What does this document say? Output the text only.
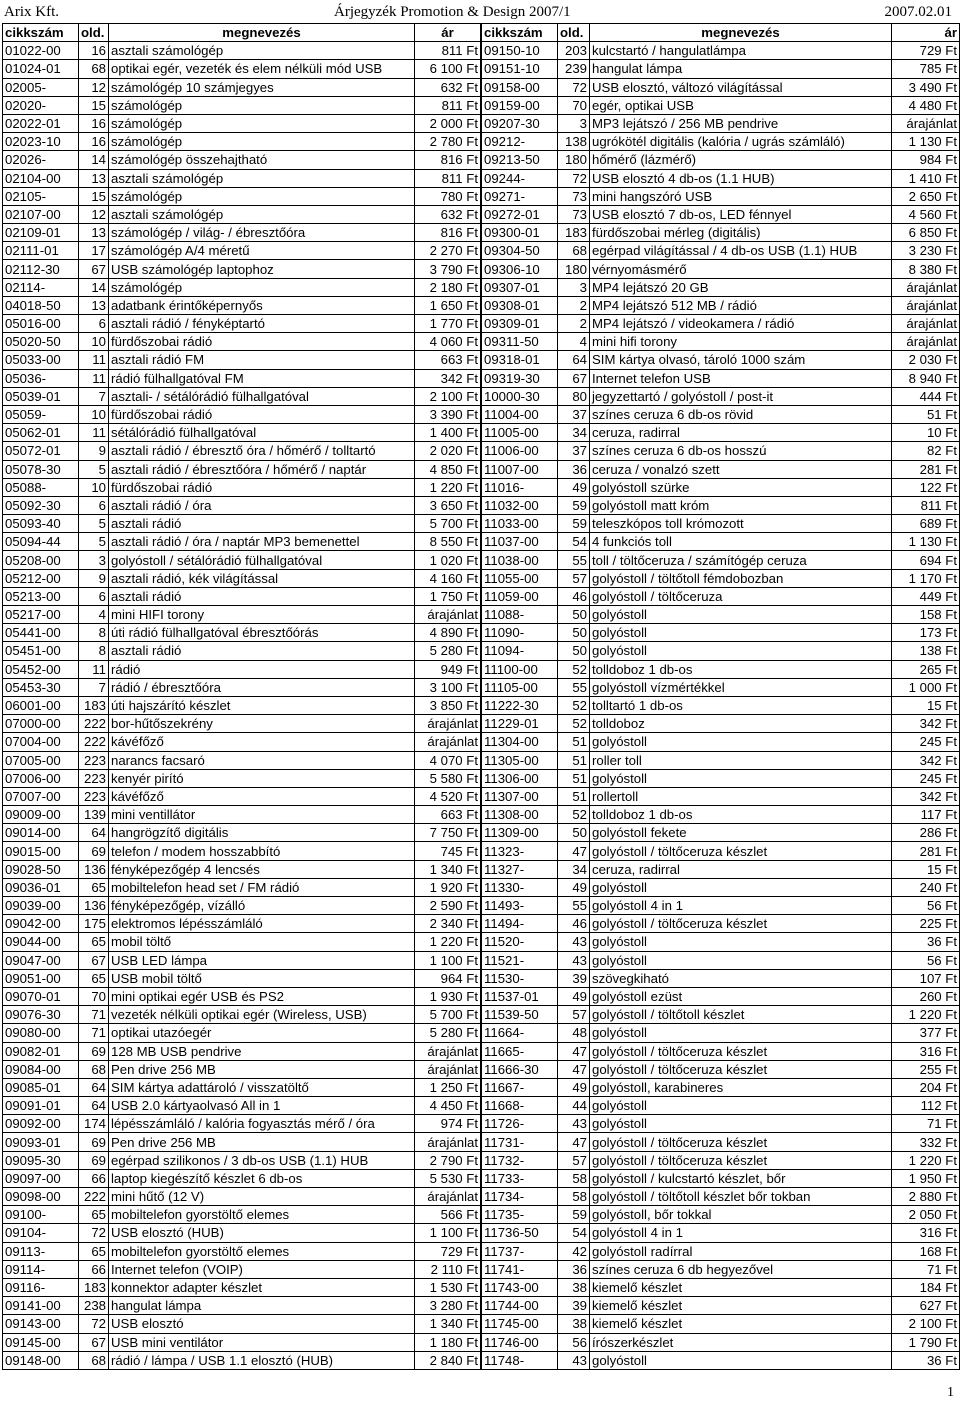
Arix Kft.	Árjegyzék Promotion & Design 2007/1	2007.02.01
cikkszám	old.	megnevezés	ár
01022-00	16	asztali számológép	811 Ft
01024-01	68	optikai egér, vezeték és elem nélküli mód USB	6 100 Ft
02005-	12	számológép 10 számjegyes	632 Ft
02020-	15	számológép	811 Ft
02022-01	16	számológép	2 000 Ft
02023-10	16	számológép	2 780 Ft
02026-	14	számológép összehajtható	816 Ft
02104-00	13	asztali számológép	811 Ft
02105-	15	számológép	780 Ft
02107-00	12	asztali számológép	632 Ft
02109-01	13	számológép / világ- / ébresztőóra	816 Ft
02111-01	17	számológép A/4 méretű	2 270 Ft
02112-30	67	USB számológép laptophoz	3 790 Ft
02114-	14	számológép	2 180 Ft
04018-50	13	adatbank érintőképernyős	1 650 Ft
05016-00	6	asztali rádió / fényképtartó	1 770 Ft
05020-50	10	fürdőszobai rádió	4 060 Ft
05033-00	11	asztali rádió FM	663 Ft
05036-	11	rádió fülhallgatóval FM	342 Ft
05039-01	7	asztali- / sétálórádió fülhallgatóval	2 100 Ft
05059-	10	fürdőszobai rádió	3 390 Ft
05062-01	11	sétálórádió fülhallgatóval	1 400 Ft
05072-01	9	asztali rádió / ébresztő óra / hőmérő / tolltartó	2 020 Ft
05078-30	5	asztali rádió / ébresztőóra / hőmérő / naptár	4 850 Ft
05088-	10	fürdőszobai rádió	1 220 Ft
05092-30	6	asztali rádió / óra	3 650 Ft
05093-40	5	asztali rádió	5 700 Ft
05094-44	5	asztali rádió / óra / naptár MP3 bemenettel	8 550 Ft
05208-00	3	golyóstoll / sétálórádió fülhallgatóval	1 020 Ft
05212-00	9	asztali rádió, kék világítással	4 160 Ft
05213-00	6	asztali rádió	1 750 Ft
05217-00	4	mini HIFI torony	árajánlat
05441-00	8	úti rádió fülhallgatóval ébresztőórás	4 890 Ft
05451-00	8	asztali rádió	5 280 Ft
05452-00	11	rádió	949 Ft
05453-30	7	rádió / ébresztőóra	3 100 Ft
06001-00	183	úti hajszárító készlet	3 850 Ft
07000-00	222	bor-hűtőszekrény	árajánlat
07004-00	222	kávéfőző	árajánlat
07005-00	223	narancs facsaró	4 070 Ft
07006-00	223	kenyér pirító	5 580 Ft
07007-00	223	kávéfőző	4 520 Ft
09009-00	139	mini ventillátor	663 Ft
09014-00	64	hangrögzítő digitális	7 750 Ft
09015-00	69	telefon / modem hosszabbító	745 Ft
09028-50	136	fényképezőgép 4 lencsés	1 340 Ft
09036-01	65	mobiltelefon head set / FM rádió	1 920 Ft
09039-00	136	fényképezőgép, vízálló	2 590 Ft
09042-00	175	elektromos lépésszámláló	2 340 Ft
09044-00	65	mobil töltő	1 220 Ft
09047-00	67	USB LED lámpa	1 100 Ft
09051-00	65	USB mobil töltő	964 Ft
09070-01	70	mini optikai egér USB és PS2	1 930 Ft
09076-30	71	vezeték nélküli optikai egér (Wireless, USB)	5 700 Ft
09080-00	71	optikai utazóegér	5 280 Ft
09082-01	69	128 MB USB pendrive	árajánlat
09084-00	68	Pen drive 256 MB	árajánlat
09085-01	64	SIM kártya adattároló / visszatöltő	1 250 Ft
09091-01	64	USB 2.0 kártyaolvasó All in 1	4 450 Ft
09092-00	174	lépésszámláló / kalória fogyasztás mérő / óra	974 Ft
09093-01	69	Pen drive 256 MB	árajánlat
09095-30	69	egérpad szilikonos / 3 db-os USB (1.1) HUB	2 790 Ft
09097-00	66	laptop kiegészítő készlet 6 db-os	5 530 Ft
09098-00	222	mini hűtő (12 V)	árajánlat
09100-	65	mobiltelefon gyorstöltő elemes	566 Ft
09104-	72	USB elosztó (HUB)	1 100 Ft
09113-	65	mobiltelefon gyorstöltő elemes	729 Ft
09114-	66	Internet telefon (VOIP)	2 110 Ft
09116-	183	konnektor adapter készlet	1 530 Ft
09141-00	238	hangulat lámpa	3 280 Ft
09143-00	72	USB elosztó	1 340 Ft
09145-00	67	USB mini ventilátor	1 180 Ft
09148-00	68	rádió / lámpa / USB 1.1 elosztó (HUB)	2 840 Ft
cikkszám	old.	megnevezés	ár
09150-10	203	kulcstartó / hangulatlámpa	729 Ft
09151-10	239	hangulat lámpa	785 Ft
09158-00	72	USB elosztó, változó világítással	3 490 Ft
09159-00	70	egér, optikai USB	4 480 Ft
09207-30	3	MP3 lejátszó / 256 MB pendrive	árajánlat
09212-	138	ugrókötél digitális (kalória / ugrás számláló)	1 130 Ft
09213-50	180	hőmérő (lázmérő)	984 Ft
09244-	72	USB elosztó 4 db-os (1.1 HUB)	1 410 Ft
09271-	73	mini hangszóró USB	2 650 Ft
09272-01	73	USB elosztó 7 db-os, LED fénnyel	4 560 Ft
09300-01	183	fürdőszobai mérleg (digitális)	6 850 Ft
09304-50	68	egérpad világítással / 4 db-os USB (1.1) HUB	3 230 Ft
09306-10	180	vérnyomásmérő	8 380 Ft
09307-01	3	MP4 lejátszó 20 GB	árajánlat
09308-01	2	MP4 lejátszó 512 MB / rádió	árajánlat
09309-01	2	MP4 lejátszó / videokamera / rádió	árajánlat
09311-50	4	mini hifi torony	árajánlat
09318-01	64	SIM kártya olvasó, tároló 1000 szám	2 030 Ft
09319-30	67	Internet telefon USB	8 940 Ft
10000-30	80	jegyzettartó / golyóstoll / post-it	444 Ft
11004-00	37	színes ceruza 6 db-os rövid	51 Ft
11005-00	34	ceruza, radirral	10 Ft
11006-00	37	színes ceruza 6 db-os hosszú	82 Ft
11007-00	36	ceruza / vonalzó szett	281 Ft
11016-	49	golyóstoll szürke	122 Ft
11032-00	59	golyóstoll matt króm	811 Ft
11033-00	59	teleszkópos toll krómozott	689 Ft
11037-00	54	4 funkciós toll	1 130 Ft
11038-00	55	toll / töltőceruza / számítógép ceruza	694 Ft
11055-00	57	golyóstoll / töltőtoll fémdobozban	1 170 Ft
11059-00	46	golyóstoll / töltőceruza	449 Ft
11088-	50	golyóstoll	158 Ft
11090-	50	golyóstoll	173 Ft
11094-	50	golyóstoll	138 Ft
11100-00	52	tolldoboz 1 db-os	265 Ft
11105-00	55	golyóstoll vízmértékkel	1 000 Ft
11222-30	52	tolltartó 1 db-os	15 Ft
11229-01	52	tolldoboz	342 Ft
11304-00	51	golyóstoll	245 Ft
11305-00	51	roller toll	342 Ft
11306-00	51	golyóstoll	245 Ft
11307-00	51	rollertoll	342 Ft
11308-00	52	tolldoboz 1 db-os	117 Ft
11309-00	50	golyóstoll fekete	286 Ft
11323-	47	golyóstoll / töltőceruza készlet	281 Ft
11327-	34	ceruza, radirral	15 Ft
11330-	49	golyóstoll	240 Ft
11493-	55	golyóstoll 4 in 1	56 Ft
11494-	46	golyóstoll / töltőceruza készlet	225 Ft
11520-	43	golyóstoll	36 Ft
11521-	43	golyóstoll	56 Ft
11530-	39	szövegkiható	107 Ft
11537-01	49	golyóstoll ezüst	260 Ft
11539-50	57	golyóstoll / töltőtoll készlet	1 220 Ft
11664-	48	golyóstoll	377 Ft
11665-	47	golyóstoll / töltőceruza készlet	316 Ft
11666-30	47	golyóstoll / töltőceruza készlet	255 Ft
11667-	49	golyóstoll, karabineres	204 Ft
11668-	44	golyóstoll	112 Ft
11726-	43	golyóstoll	71 Ft
11731-	47	golyóstoll / töltőceruza készlet	332 Ft
11732-	57	golyóstoll / töltőceruza készlet	1 220 Ft
11733-	58	golyóstoll / kulcstartó készlet, bőr	1 950 Ft
11734-	58	golyóstoll / töltőtoll készlet bőr tokban	2 880 Ft
11735-	59	golyóstoll, bőr tokkal	2 050 Ft
11736-50	54	golyóstoll 4 in 1	316 Ft
11737-	42	golyóstoll radírral	168 Ft
11741-	36	színes ceruza 6 db hegyezővel	71 Ft
11743-00	38	kiemelő készlet	184 Ft
11744-00	39	kiemelő készlet	627 Ft
11745-00	38	kiemelő készlet	2 100 Ft
11746-00	56	írószerkészlet	1 790 Ft
11748-	43	golyóstoll	36 Ft
1
